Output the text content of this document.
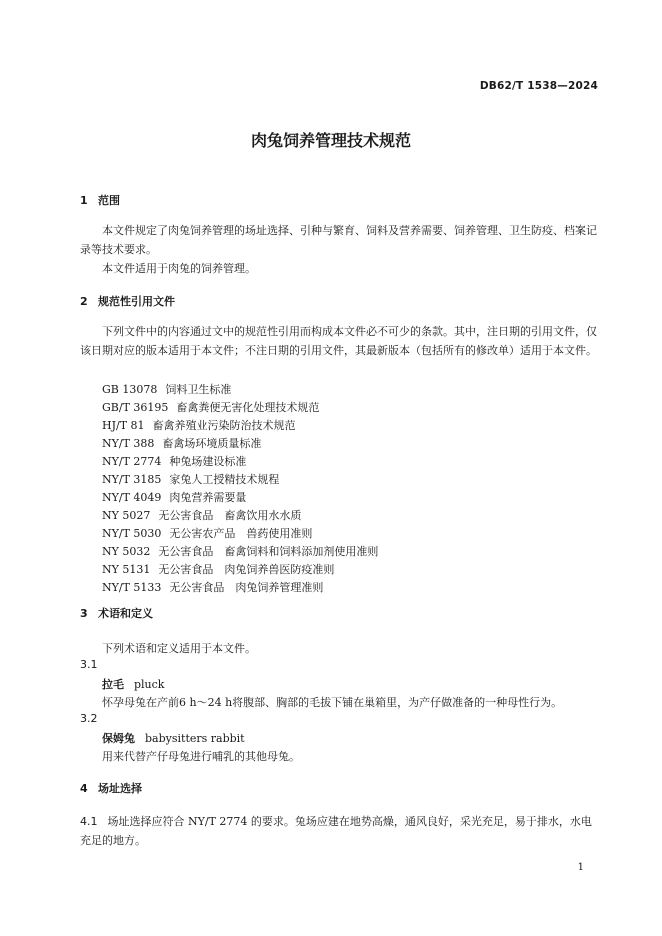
DB62/T 1538—2024
肉兔饲养管理技术规范
1 范围
本文件规定了肉兔饲养管理的场址选择、引种与繁育、饲料及营养需要、饲养管理、卫生防疫、档案记录等技术要求。
本文件适用于肉兔的饲养管理。
2 规范性引用文件
下列文件中的内容通过文中的规范性引用而构成本文件必不可少的条款。其中，注日期的引用文件，仅该日期对应的版本适用于本文件；不注日期的引用文件，其最新版本（包括所有的修改单）适用于本文件。
GB 13078 饲料卫生标准
GB/T 36195 畜禽粪便无害化处理技术规范
HJ/T 81 畜禽养殖业污染防治技术规范
NY/T 388 畜禽场环境质量标准
NY/T 2774 种兔场建设标准
NY/T 3185 家兔人工授精技术规程
NY/T 4049 肉兔营养需要量
NY 5027 无公害食品　畜禽饮用水水质
NY/T 5030 无公害农产品　兽药使用准则
NY 5032 无公害食品　畜禽饲料和饲料添加剂使用准则
NY 5131 无公害食品　肉兔饲养兽医防疫准则
NY/T 5133 无公害食品　肉兔饲养管理准则
3 术语和定义
下列术语和定义适用于本文件。
3.1
拉毛 pluck
怀孕母兔在产前6 h～24 h将腹部、胸部的毛拔下铺在巢箱里，为产仔做准备的一种母性行为。
3.2
保姆兔 babysitters rabbit
用来代替产仔母兔进行哺乳的其他母兔。
4 场址选择
4.1 场址选择应符合 NY/T 2774 的要求。兔场应建在地势高燥，通风良好，采光充足，易于排水，水电充足的地方。
1
